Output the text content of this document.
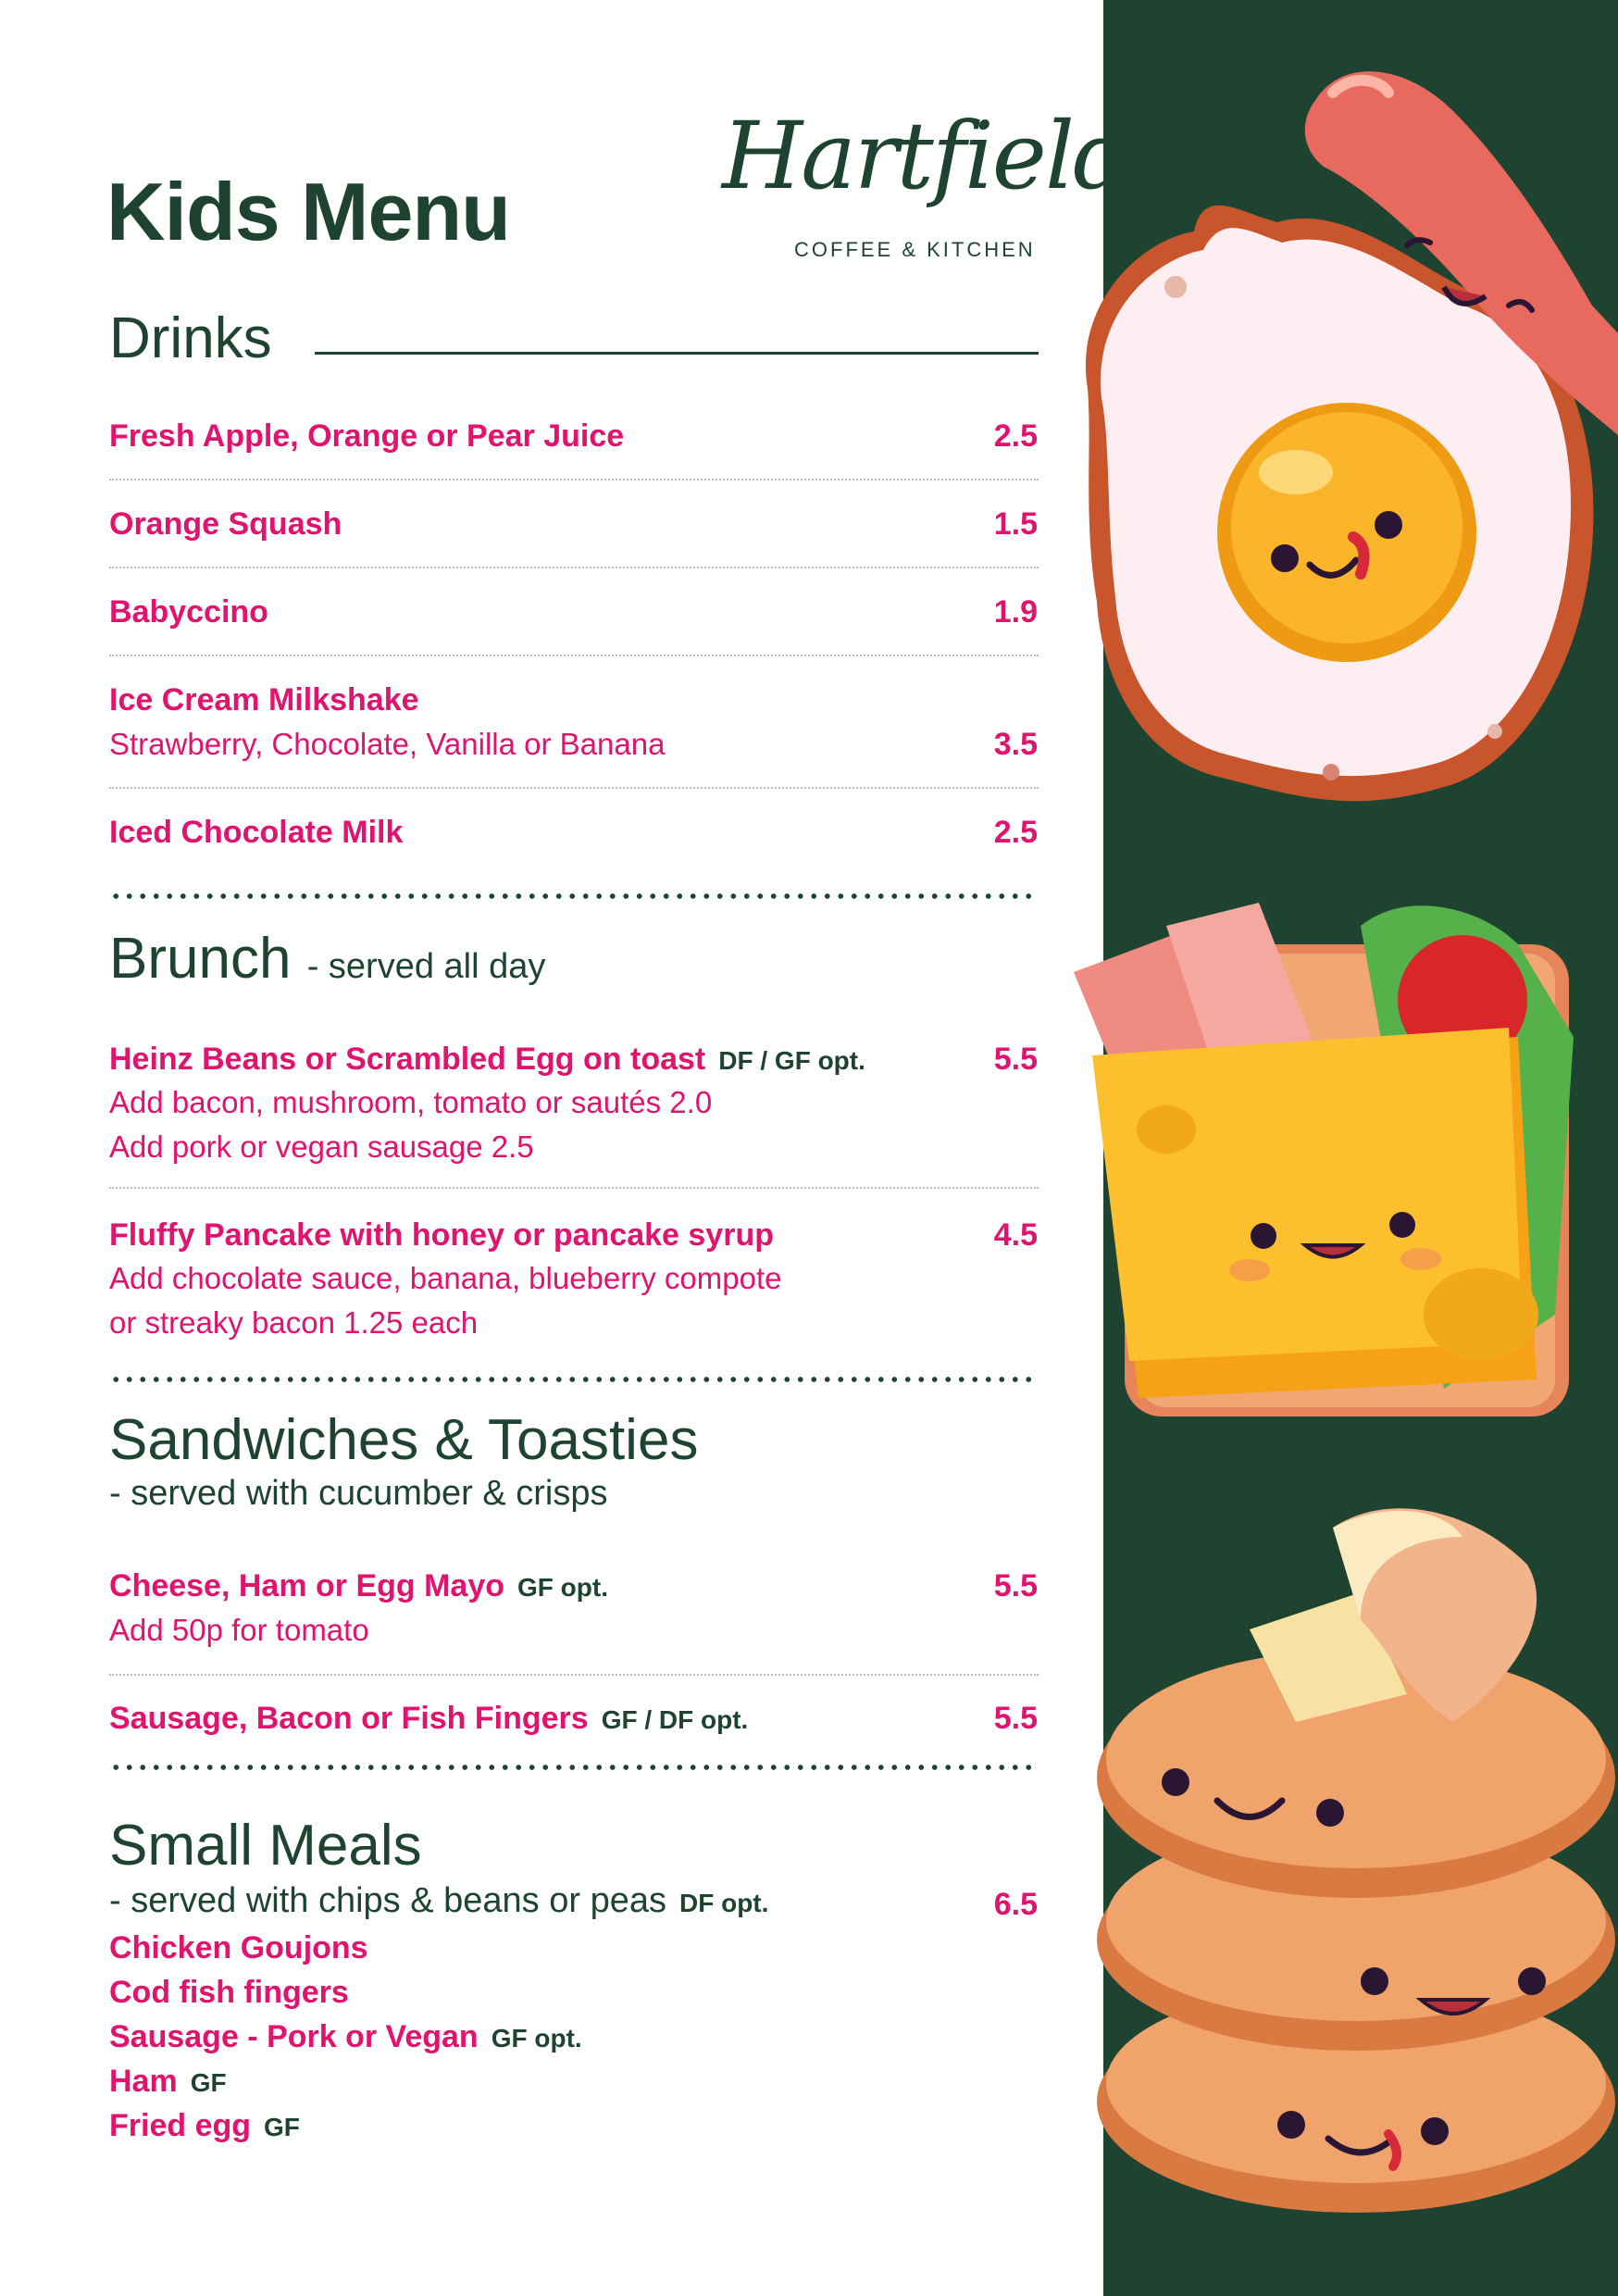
Kids Menu
Hartfields
COFFEE & KITCHEN
Drinks
Fresh Apple, Orange or Pear Juice	2.5
Orange Squash	1.5
Babyccino	1.9
Ice Cream Milkshake
Strawberry, Chocolate, Vanilla or Banana	3.5
Iced Chocolate Milk	2.5
Brunch - served all day
Heinz Beans or Scrambled Egg on toast DF / GF opt.	5.5
Add bacon, mushroom, tomato or sautés 2.0
Add pork or vegan sausage 2.5
Fluffy Pancake with honey or pancake syrup	4.5
Add chocolate sauce, banana, blueberry compote
or streaky bacon 1.25 each
Sandwiches & Toasties
- served with cucumber & crisps
Cheese, Ham or Egg Mayo GF opt.	5.5
Add 50p for tomato
Sausage, Bacon or Fish Fingers GF / DF opt.	5.5
Small Meals
- served with chips & beans or peas DF opt.	6.5
Chicken Goujons
Cod fish fingers
Sausage - Pork or Vegan GF opt.
Ham GF
Fried egg GF
